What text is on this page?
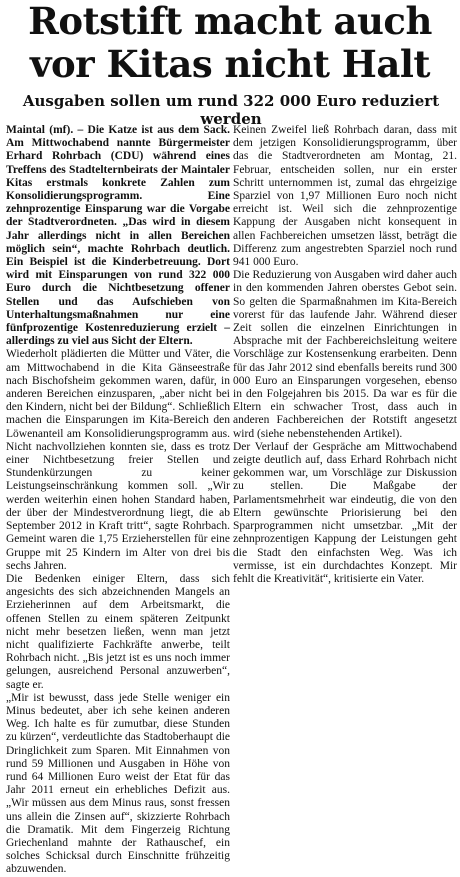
Rotstift macht auch
vor Kitas nicht Halt
Ausgaben sollen um rund 322 000 Euro reduziert werden

Maintal (mf). – Die Katze ist aus dem Sack. Am Mittwochabend nannte Bürgermeister Erhard Rohrbach (CDU) während eines Treffens des Stadtelternbeirats der Maintaler Kitas erstmals konkrete Zahlen zum Konsolidierungsprogramm. Eine zehnprozentige Einsparung war die Vorgabe der Stadtverordneten. „Das wird in diesem Jahr allerdings nicht in allen Bereichen möglich sein“, machte Rohrbach deutlich. Ein Beispiel ist die Kinderbetreuung. Dort wird mit Einsparungen von rund 322 000 Euro durch die Nichtbesetzung offener Stellen und das Aufschieben von Unterhaltungsmaßnahmen nur eine fünfprozentige Kostenreduzierung erzielt – allerdings zu viel aus Sicht der Eltern.

Wiederholt plädierten die Mütter und Väter, die am Mittwochabend in die Kita Gänseestraße nach Bischofsheim gekommen waren, dafür, in anderen Bereichen einzusparen, „aber nicht bei den Kindern, nicht bei der Bildung“. Schließlich machen die Einsparungen im Kita-Bereich den Löwenanteil am Konsolidierungsprogramm aus. Nicht nachvollziehen konnten sie, dass es trotz einer Nichtbesetzung freier Stellen und Stundenkürzungen zu keiner Leistungseinschränkung kommen soll. „Wir werden weiterhin einen hohen Standard haben, der über der Mindestverordnung liegt, die ab September 2012 in Kraft tritt“, sagte Rohrbach. Gemeint waren die 1,75 Erzieherstellen für eine Gruppe mit 25 Kindern im Alter von drei bis sechs Jahren.

Die Bedenken einiger Eltern, dass sich angesichts des sich abzeichnenden Mangels an Erzieherinnen auf dem Arbeitsmarkt, die offenen Stellen zu einem späteren Zeitpunkt nicht mehr besetzen ließen, wenn man jetzt nicht qualifizierte Fachkräfte anwerbe, teilt Rohrbach nicht. „Bis jetzt ist es uns noch immer gelungen, ausreichend Personal anzuwerben“, sagte er.

„Mir ist bewusst, dass jede Stelle weniger ein Minus bedeutet, aber ich sehe keinen anderen Weg. Ich halte es für zumutbar, diese Stunden zu kürzen“, verdeutlichte das Stadtoberhaupt die Dringlichkeit zum Sparen. Mit Einnahmen von rund 59 Millionen und Ausgaben in Höhe von rund 64 Millionen Euro weist der Etat für das Jahr 2011 erneut ein erhebliches Defizit aus. „Wir müssen aus dem Minus raus, sonst fressen uns allein die Zinsen auf“, skizzierte Rohrbach die Dramatik. Mit dem Fingerzeig Richtung Griechenland mahnte der Rathauschef, ein solches Schicksal durch Einschnitte frühzeitig abzuwenden.

Keinen Zweifel ließ Rohrbach daran, dass mit dem jetzigen Konsolidierungsprogramm, über das die Stadtverordneten am Montag, 21. Februar, entscheiden sollen, nur ein erster Schritt unternommen ist, zumal das ehrgeizige Sparziel von 1,97 Millionen Euro noch nicht erreicht ist. Weil sich die zehnprozentige Kappung der Ausgaben nicht konsequent in allen Fachbereichen umsetzen lässt, beträgt die Differenz zum angestrebten Sparziel noch rund 941 000 Euro.

Die Reduzierung von Ausgaben wird daher auch in den kommenden Jahren oberstes Gebot sein. So gelten die Sparmaßnahmen im Kita-Bereich vorerst für das laufende Jahr. Während dieser Zeit sollen die einzelnen Einrichtungen in Absprache mit der Fachbereichsleitung weitere Vorschläge zur Kostensenkung erarbeiten. Denn für das Jahr 2012 sind ebenfalls bereits rund 300 000 Euro an Einsparungen vorgesehen, ebenso in den Folgejahren bis 2015. Da war es für die Eltern ein schwacher Trost, dass auch in anderen Fachbereichen der Rotstift angesetzt wird (siehe nebenstehenden Artikel).

Der Verlauf der Gespräche am Mittwochabend zeigte deutlich auf, dass Erhard Rohrbach nicht gekommen war, um Vorschläge zur Diskussion zu stellen. Die Maßgabe der Parlamentsmehrheit war eindeutig, die von den Eltern gewünschte Priorisierung bei den Sparprogrammen nicht umsetzbar. „Mit der zehnprozentigen Kappung der Leistungen geht die Stadt den einfachsten Weg. Was ich vermisse, ist ein durchdachtes Konzept. Mir fehlt die Kreativität“, kritisierte ein Vater.
